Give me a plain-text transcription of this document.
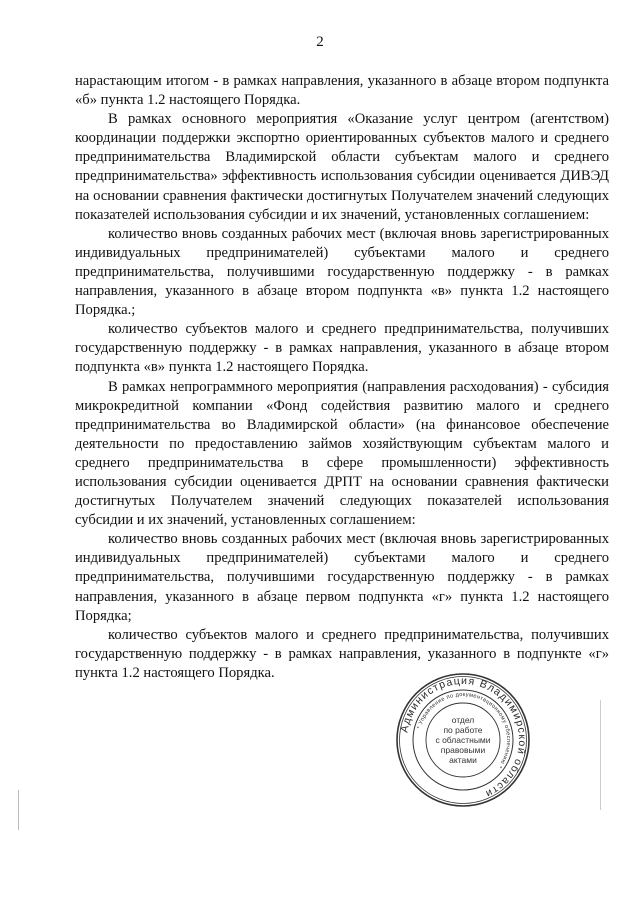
2

нарастающим итогом - в рамках направления, указанного в абзаце втором подпункта «б» пункта 1.2 настоящего Порядка.

В рамках основного мероприятия «Оказание услуг центром (агентством) координации поддержки экспортно ориентированных субъектов малого и среднего предпринимательства Владимирской области субъектам малого и среднего предпринимательства» эффективность использования субсидии оценивается ДИВЭД на основании сравнения фактически достигнутых Получателем значений следующих показателей использования субсидии и их значений, установленных соглашением:

количество вновь созданных рабочих мест (включая вновь зарегистрированных индивидуальных предпринимателей) субъектами малого и среднего предпринимательства, получившими государственную поддержку - в рамках направления, указанного в абзаце втором подпункта «в» пункта 1.2 настоящего Порядка.;

количество субъектов малого и среднего предпринимательства, получивших государственную поддержку - в рамках направления, указанного в абзаце втором подпункта «в» пункта 1.2 настоящего Порядка.

В рамках непрограммного мероприятия (направления расходования) - субсидия микрокредитной компании «Фонд содействия развитию малого и среднего предпринимательства во Владимирской области» (на финансовое обеспечение деятельности по предоставлению займов хозяйствующим субъектам малого и среднего предпринимательства в сфере промышленности) эффективность использования субсидии оценивается ДРПТ на основании сравнения фактически достигнутых Получателем значений следующих показателей использования субсидии и их значений, установленных соглашением:

количество вновь созданных рабочих мест (включая вновь зарегистрированных индивидуальных предпринимателей) субъектами малого и среднего предпринимательства, получившими государственную поддержку - в рамках направления, указанного в абзаце первом подпункта «г» пункта 1.2 настоящего Порядка;

количество субъектов малого и среднего предпринимательства, получивших государственную поддержку - в рамках направления, указанного в подпункте «г» пункта 1.2 настоящего Порядка.

Администрация Владимирской области
* Управление по документационному обеспечению *
отдел
по работе
с областными
правовыми
актами
